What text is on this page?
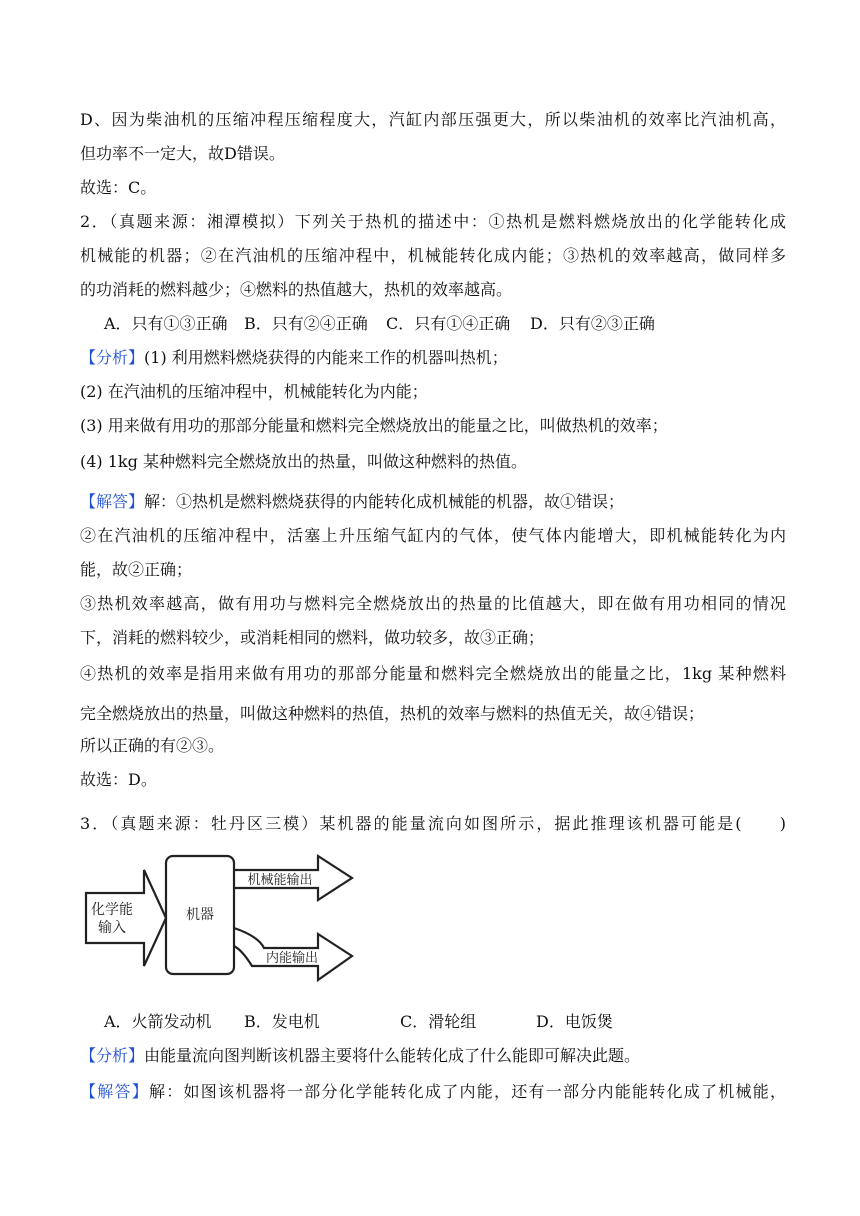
D、因为柴油机的压缩冲程压缩程度大，汽缸内部压强更大，所以柴油机的效率比汽油机高，
但功率不一定大，故D错误。
故选：C。
2．（真题来源：湘潭模拟）下列关于热机的描述中：①热机是燃料燃烧放出的化学能转化成
机械能的机器；②在汽油机的压缩冲程中，机械能转化成内能；③热机的效率越高，做同样多
的功消耗的燃料越少；④燃料的热值越大，热机的效率越高。
A．只有①③正确 B．只有②④正确 C．只有①④正确 D．只有②③正确
【分析】(1) 利用燃料燃烧获得的内能来工作的机器叫热机；
(2) 在汽油机的压缩冲程中，机械能转化为内能；
(3) 用来做有用功的那部分能量和燃料完全燃烧放出的能量之比，叫做热机的效率；
(4) 1kg 某种燃料完全燃烧放出的热量，叫做这种燃料的热值。
【解答】解：①热机是燃料燃烧获得的内能转化成机械能的机器，故①错误；
②在汽油机的压缩冲程中，活塞上升压缩气缸内的气体，使气体内能增大，即机械能转化为内
能，故②正确；
③热机效率越高，做有用功与燃料完全燃烧放出的热量的比值越大，即在做有用功相同的情况
下，消耗的燃料较少，或消耗相同的燃料，做功较多，故③正确；
④热机的效率是指用来做有用功的那部分能量和燃料完全燃烧放出的能量之比，1kg 某种燃料
完全燃烧放出的热量，叫做这种燃料的热值，热机的效率与燃料的热值无关，故④错误；
所以正确的有②③。
故选：D。
3．（真题来源：牡丹区三模）某机器的能量流向如图所示，据此推理该机器可能是(　　)
化学能
输入
机器
机械能输出
内能输出
A．火箭发动机 B．发电机	C．滑轮组	D．电饭煲
【分析】由能量流向图判断该机器主要将什么能转化成了什么能即可解决此题。
【解答】解：如图该机器将一部分化学能转化成了内能，还有一部分内能能转化成了机械能，
